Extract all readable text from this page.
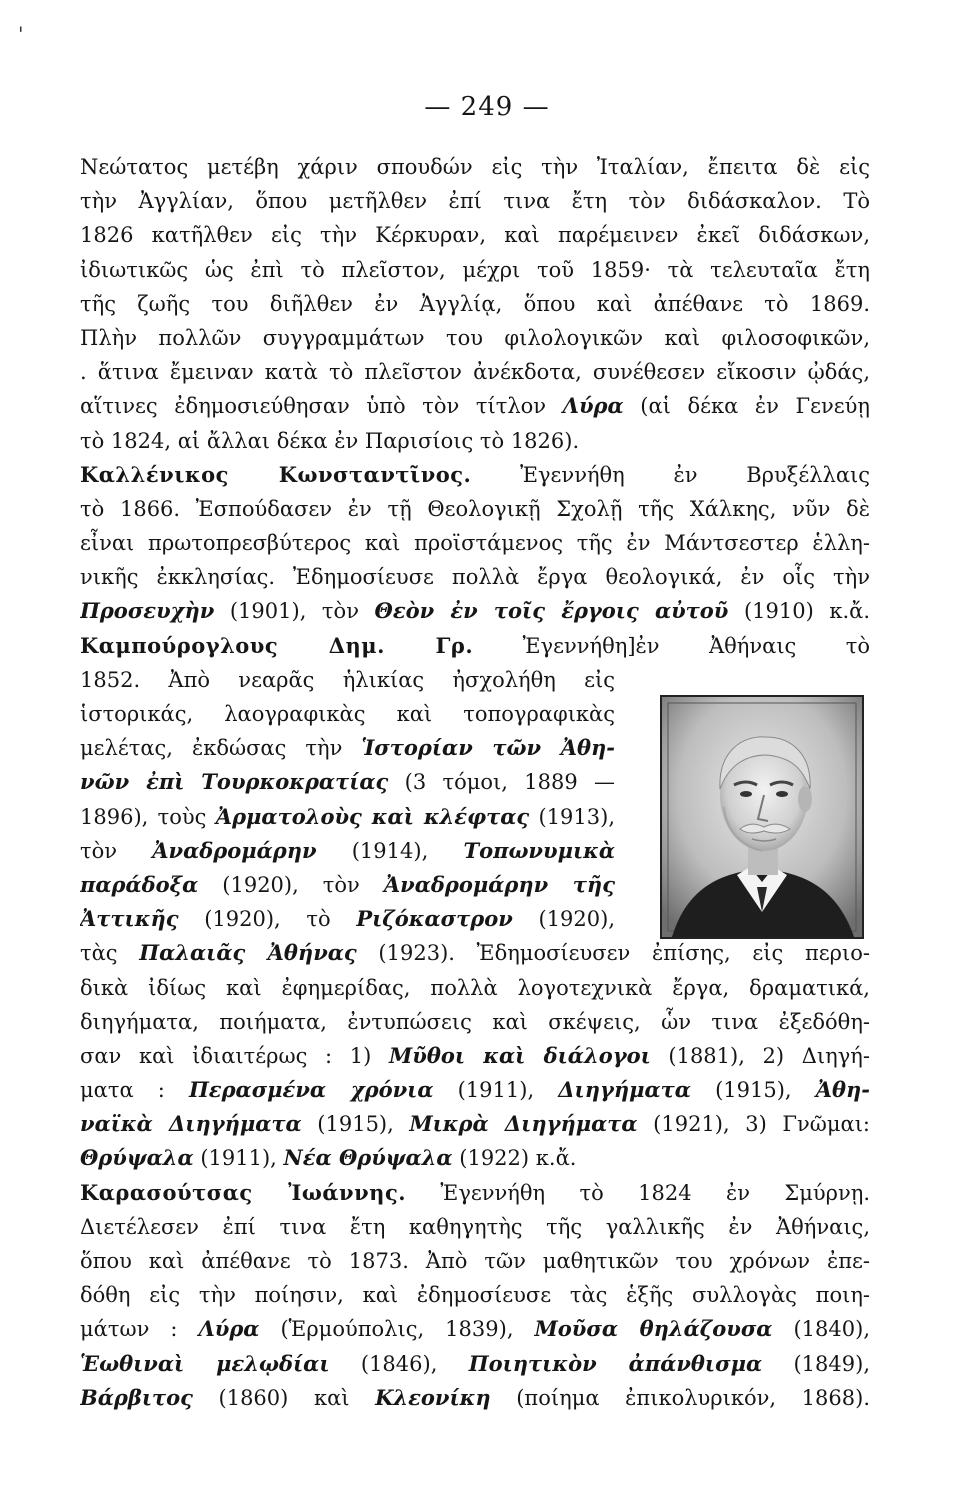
'
— 249 —
Νεώτατος μετέβη χάριν σπουδών εἰς τὴν Ἰταλίαν, ἔπειτα δὲ εἰς
τὴν Ἀγγλίαν, ὅπου μετῆλθεν ἐπί τινα ἔτη τὸν διδάσκαλον. Τὸ
1826 κατῆλθεν εἰς τὴν Κέρκυραν, καὶ παρέμεινεν ἐκεῖ διδάσκων,
ἰδιωτικῶς ὡς ἐπὶ τὸ πλεῖστον, μέχρι τοῦ 1859· τὰ τελευταῖα ἔτη
τῆς ζωῆς του διῆλθεν ἐν Ἀγγλίᾳ, ὅπου καὶ ἀπέθανε τὸ 1869.
Πλὴν πολλῶν συγγραμμάτων του φιλολογικῶν καὶ φιλοσοφικῶν,
. ἅτινα ἔμειναν κατὰ τὸ πλεῖστον ἀνέκδοτα, συνέθεσεν εἴκοσιν ᾠδάς,
αἵτινες ἐδημοσιεύθησαν ὑπὸ τὸν τίτλον Λύρα (αἱ δέκα ἐν Γενεύῃ
τὸ 1824, αἱ ἄλλαι δέκα ἐν Παρισίοις τὸ 1826).
Καλλένικος Κωνσταντῖνος. Ἐγεννήθη ἐν Βρυξέλλαις
τὸ 1866. Ἐσπούδασεν ἐν τῇ Θεολογικῇ Σχολῇ τῆς Χάλκης, νῦν δὲ
εἶναι πρωτοπρεσβύτερος καὶ προϊστάμενος τῆς ἐν Μάντσεστερ ἑλλη-
νικῆς ἐκκλησίας. Ἐδημοσίευσε πολλὰ ἔργα θεολογικά, ἐν οἷς τὴν
Προσευχὴν (1901), τὸν Θεὸν ἐν τοῖς ἔργοις αὐτοῦ (1910) κ.ἄ.
Καμπούρογλους Δημ. Γρ. Ἐγεννήθη]ἐν Ἀθήναις τὸ
1852. Ἀπὸ νεαρᾶς ἡλικίας ἠσχολήθη εἰς
ἱστορικάς, λαογραφικὰς καὶ τοπογραφικὰς
μελέτας, ἐκδώσας τὴν Ἱστορίαν τῶν Ἀθη-
νῶν ἐπὶ Τουρκοκρατίας (3 τόμοι, 1889 —
1896), τοὺς Ἀρματολοὺς καὶ κλέφτας (1913),
τὸν Ἀναδρομάρην (1914), Τοπωνυμικὰ
παράδοξα (1920), τὸν Ἀναδρομάρην τῆς
Ἀττικῆς (1920), τὸ Ριζόκαστρον (1920),
τὰς Παλαιᾶς Ἀθήνας (1923). Ἐδημοσίευσεν ἐπίσης, εἰς περιο-
δικὰ ἰδίως καὶ ἐφημερίδας, πολλὰ λογοτεχνικὰ ἔργα, δραματικά,
διηγήματα, ποιήματα, ἐντυπώσεις καὶ σκέψεις, ὧν τινα ἐξεδόθη-
σαν καὶ ἰδιαιτέρως : 1) Μῦθοι καὶ διάλογοι (1881), 2) Διηγή-
ματα : Περασμένα χρόνια (1911), Διηγήματα (1915), Ἀθη-
ναϊκὰ Διηγήματα (1915), Μικρὰ Διηγήματα (1921), 3) Γνῶμαι:
Θρύψαλα (1911), Νέα Θρύψαλα (1922) κ.ἄ.
Καρασούτσας Ἰωάννης. Ἐγεννήθη τὸ 1824 ἐν Σμύρνῃ.
Διετέλεσεν ἐπί τινα ἔτη καθηγητὴς τῆς γαλλικῆς ἐν Ἀθήναις,
ὅπου καὶ ἀπέθανε τὸ 1873. Ἀπὸ τῶν μαθητικῶν του χρόνων ἐπε-
δόθη εἰς τὴν ποίησιν, καὶ ἐδημοσίευσε τὰς ἑξῆς συλλογὰς ποιη-
μάτων : Λύρα (Ἑρμούπολις, 1839), Μοῦσα θηλάζουσα (1840),
Ἑωθιναὶ μελῳδίαι (1846), Ποιητικὸν ἀπάνθισμα (1849),
Βάρβιτος (1860) καὶ Κλεονίκη (ποίημα ἐπικολυρικόν, 1868).
